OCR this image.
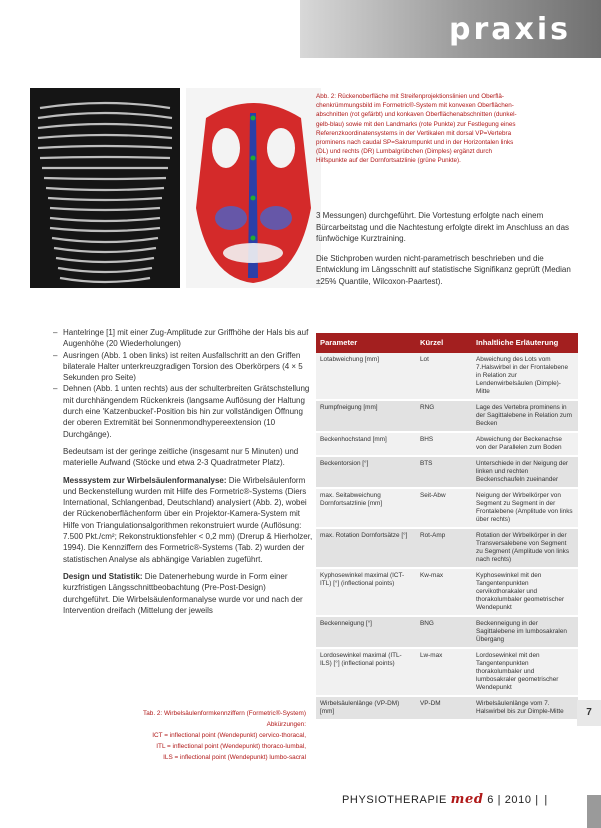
praxis
Abb. 2: Rückenoberfläche mit Streifenprojektionslinien und Oberflä-
chenkrümmungsbild im Formetric®-System mit konvexen Oberflächen-
abschnitten (rot gefärbt) und konkaven Oberflächenabschnitten (dunkel-
gelb-blau) sowie mit den Landmarks (rote Punkte) zur Festlegung eines
Referenzkoordinatensystems in der Vertikalen mit dorsal VP=Vertebra
prominens nach caudal SP=Sakrumpunkt und in der Horizontalen links
(DL) und rechts (DR) Lumbalgrübchen (Dimples) ergänzt durch
Hilfspunkte auf der Dornfortsatzlinie (grüne Punkte).

3 Messungen) durchgeführt. Die Vortestung erfolgte nach einem Bürcarbeitstag und die Nachtestung erfolgte direkt im Anschluss an das fünfwöchige Kurztraining.

Die Stichproben wurden nicht-parametrisch beschrieben und die Entwicklung im Längsschnitt auf statistische Signifikanz geprüft (Median ±25% Quantile, Wilcoxon-Paartest).

– Hantelringe [1] mit einer Zug-Amplitude zur Griffhöhe der Hals bis auf Augenhöhe (20 Wiederholungen)
– Ausringen (Abb. 1 oben links) ist reiten Ausfallschritt an den Griffen bilaterale Halter unterkreuzgradigen Torsion des Oberkörpers (4 × 5 Sekunden pro Seite)
– Dehnen (Abb. 1 unten rechts) aus der schulterbreiten Grätschstellung mit durchhängendem Rückenkreis (langsame Auflösung der Haltung durch eine 'Katzenbuckel'-Position bis hin zur vollständigen Öffnung der oberen Extremität bei Sonnenmondhypereextension (10 Durchgänge).

Bedeutsam ist der geringe zeitliche (insgesamt nur 5 Minuten) und materielle Aufwand (Stöcke und etwa 2-3 Quadratmeter Platz).

Messsystem zur Wirbelsäulenformanalyse: Die Wirbelsäulenform und Beckenstellung wurden mit Hilfe des Formetric®-Systems (Diers International, Schlangenbad, Deutschland) analysiert (Abb. 2), wobei der Rückenoberflächenform über ein Projektor-Kamera-System mit Hilfe von Triangulationsalgorithmen rekonstruiert wurde (Auflösung: 7.500 Pkt./cm²; Rekonstruktionsfehler < 0,2 mm) (Drerup & Hierholzer, 1994). Die Kennziffern des Formetric®-Systems (Tab. 2) wurden der statistischen Analyse als abhängige Variablen zugeführt.

Design und Statistik: Die Datenerhebung wurde in Form einer kurzfristigen Längsschnittbeobachtung (Pre-Post-Design) durchgeführt. Die Wirbelsäulenformanalyse wurde vor und nach der Intervention dreifach (Mittelung der jeweils

Parameter	Kürzel	Inhaltliche Erläuterung
Lotabweichung [mm]	Lot	Abweichung des Lots vom 7.Halswirbel in der Frontalebene in Relation zur Lendenwirbelsäulen (Dimple)-Mitte
Rumpfneigung [mm]	RNG	Lage des Vertebra prominens in der Sagittalebene in Relation zum Becken
Beckenhochstand [mm]	BHS	Abweichung der Beckenachse von der Parallelen zum Boden
Beckentorsion [°]	BTS	Unterschiede in der Neigung der linken und rechten Beckenschaufeln zueinander
max. Seitabweichung Dornfortsatzlinie [mm]	Seit-Abw	Neigung der Wirbelkörper von Segment zu Segment in der Frontalebene (Amplitude von links über rechts)
max. Rotation Dornfortsätze [°]	Rot-Amp	Rotation der Wirbelkörper in der Transversalebene von Segment zu Segment (Amplitude von links nach rechts)
Kyphosewinkel maximal (ICT-ITL) [°] (inflectional points)	Kw-max	Kyphosewinkel mit den Tangentenpunkten cervikothorakaler und thorakolumbaler geometrischer Wendepunkt
Beckenneigung [°]	BNG	Beckenneigung in der Sagittalebene im lumbosakralen Übergang
Lordosewinkel maximal (ITL-ILS) [°] (inflectional points)	Lw-max	Lordosewinkel mit den Tangentenpunkten thorakolumbaler und lumbosakraler geometrischer Wendepunkt
Wirbelsäulenlänge (VP-DM) [mm]	VP-DM	Wirbelsäulenlänge vom 7. Halswirbel bis zur Dimple-Mitte
Tab. 2: Wirbelsäulenformkennziffern (Formetric®-System)
Abkürzungen:
ICT = inflectional point (Wendepunkt) cervico-thoracal,
ITL = inflectional point (Wendepunkt) thoraco-lumbal,
ILS = inflectional point (Wendepunkt) lumbo-sacral
7
PHYSIOTHERAPIE med 6 | 2010 | |
